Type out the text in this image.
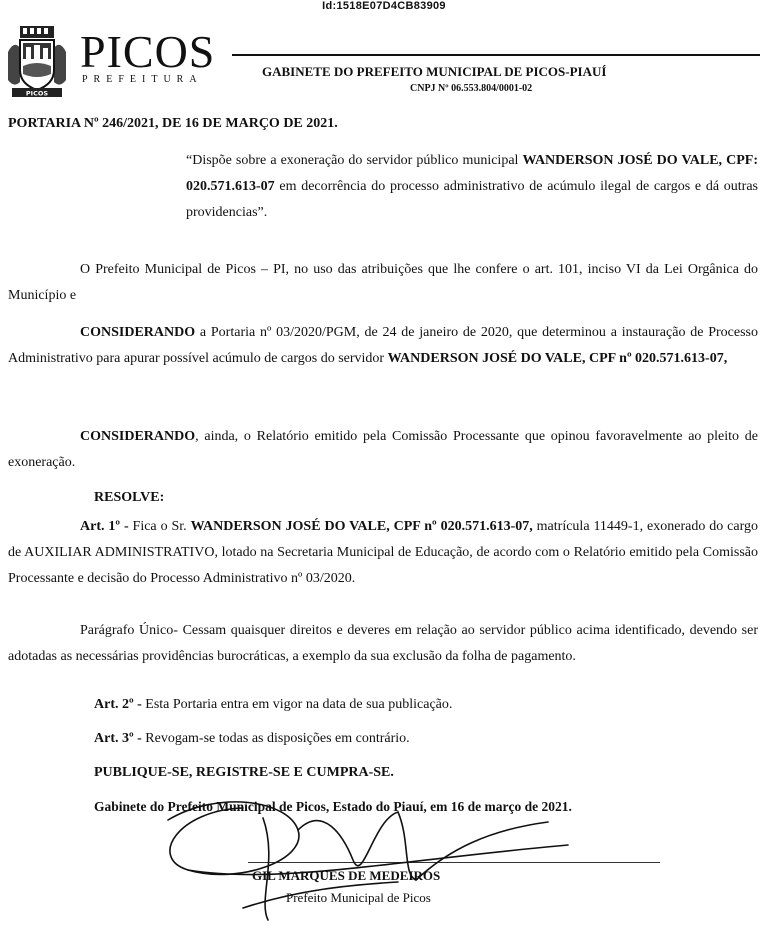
Id:1518E07D4CB83909
PICOS
PICOS
PREFEITURA
GABINETE DO PREFEITO MUNICIPAL DE PICOS-PIAUÍ
CNPJ Nº 06.553.804/0001-02
PORTARIA Nº 246/2021, DE 16 DE MARÇO DE 2021.
“Dispõe sobre a exoneração do servidor público municipal WANDERSON JOSÉ DO VALE, CPF: 020.571.613-07 em decorrência do processo administrativo de acúmulo ilegal de cargos e dá outras providencias”.
O Prefeito Municipal de Picos – PI, no uso das atribuições que lhe confere o art. 101, inciso VI da Lei Orgânica do Município e
CONSIDERANDO a Portaria nº 03/2020/PGM, de 24 de janeiro de 2020, que determinou a instauração de Processo Administrativo para apurar possível acúmulo de cargos do servidor WANDERSON JOSÉ DO VALE, CPF nº 020.571.613-07,
CONSIDERANDO, ainda, o Relatório emitido pela Comissão Processante que opinou favoravelmente ao pleito de exoneração.
RESOLVE:
Art. 1º - Fica o Sr. WANDERSON JOSÉ DO VALE, CPF nº 020.571.613-07, matrícula 11449-1, exonerado do cargo de AUXILIAR ADMINISTRATIVO, lotado na Secretaria Municipal de Educação, de acordo com o Relatório emitido pela Comissão Processante e decisão do Processo Administrativo nº 03/2020.
Parágrafo Único- Cessam quaisquer direitos e deveres em relação ao servidor público acima identificado, devendo ser adotadas as necessárias providências burocráticas, a exemplo da sua exclusão da folha de pagamento.
Art. 2º - Esta Portaria entra em vigor na data de sua publicação.
Art. 3º - Revogam-se todas as disposições em contrário.
PUBLIQUE-SE, REGISTRE-SE E CUMPRA-SE.
Gabinete do Prefeito Municipal de Picos, Estado do Piauí, em 16 de março de 2021.
GIL MARQUES DE MEDEIROS
Prefeito Municipal de Picos
